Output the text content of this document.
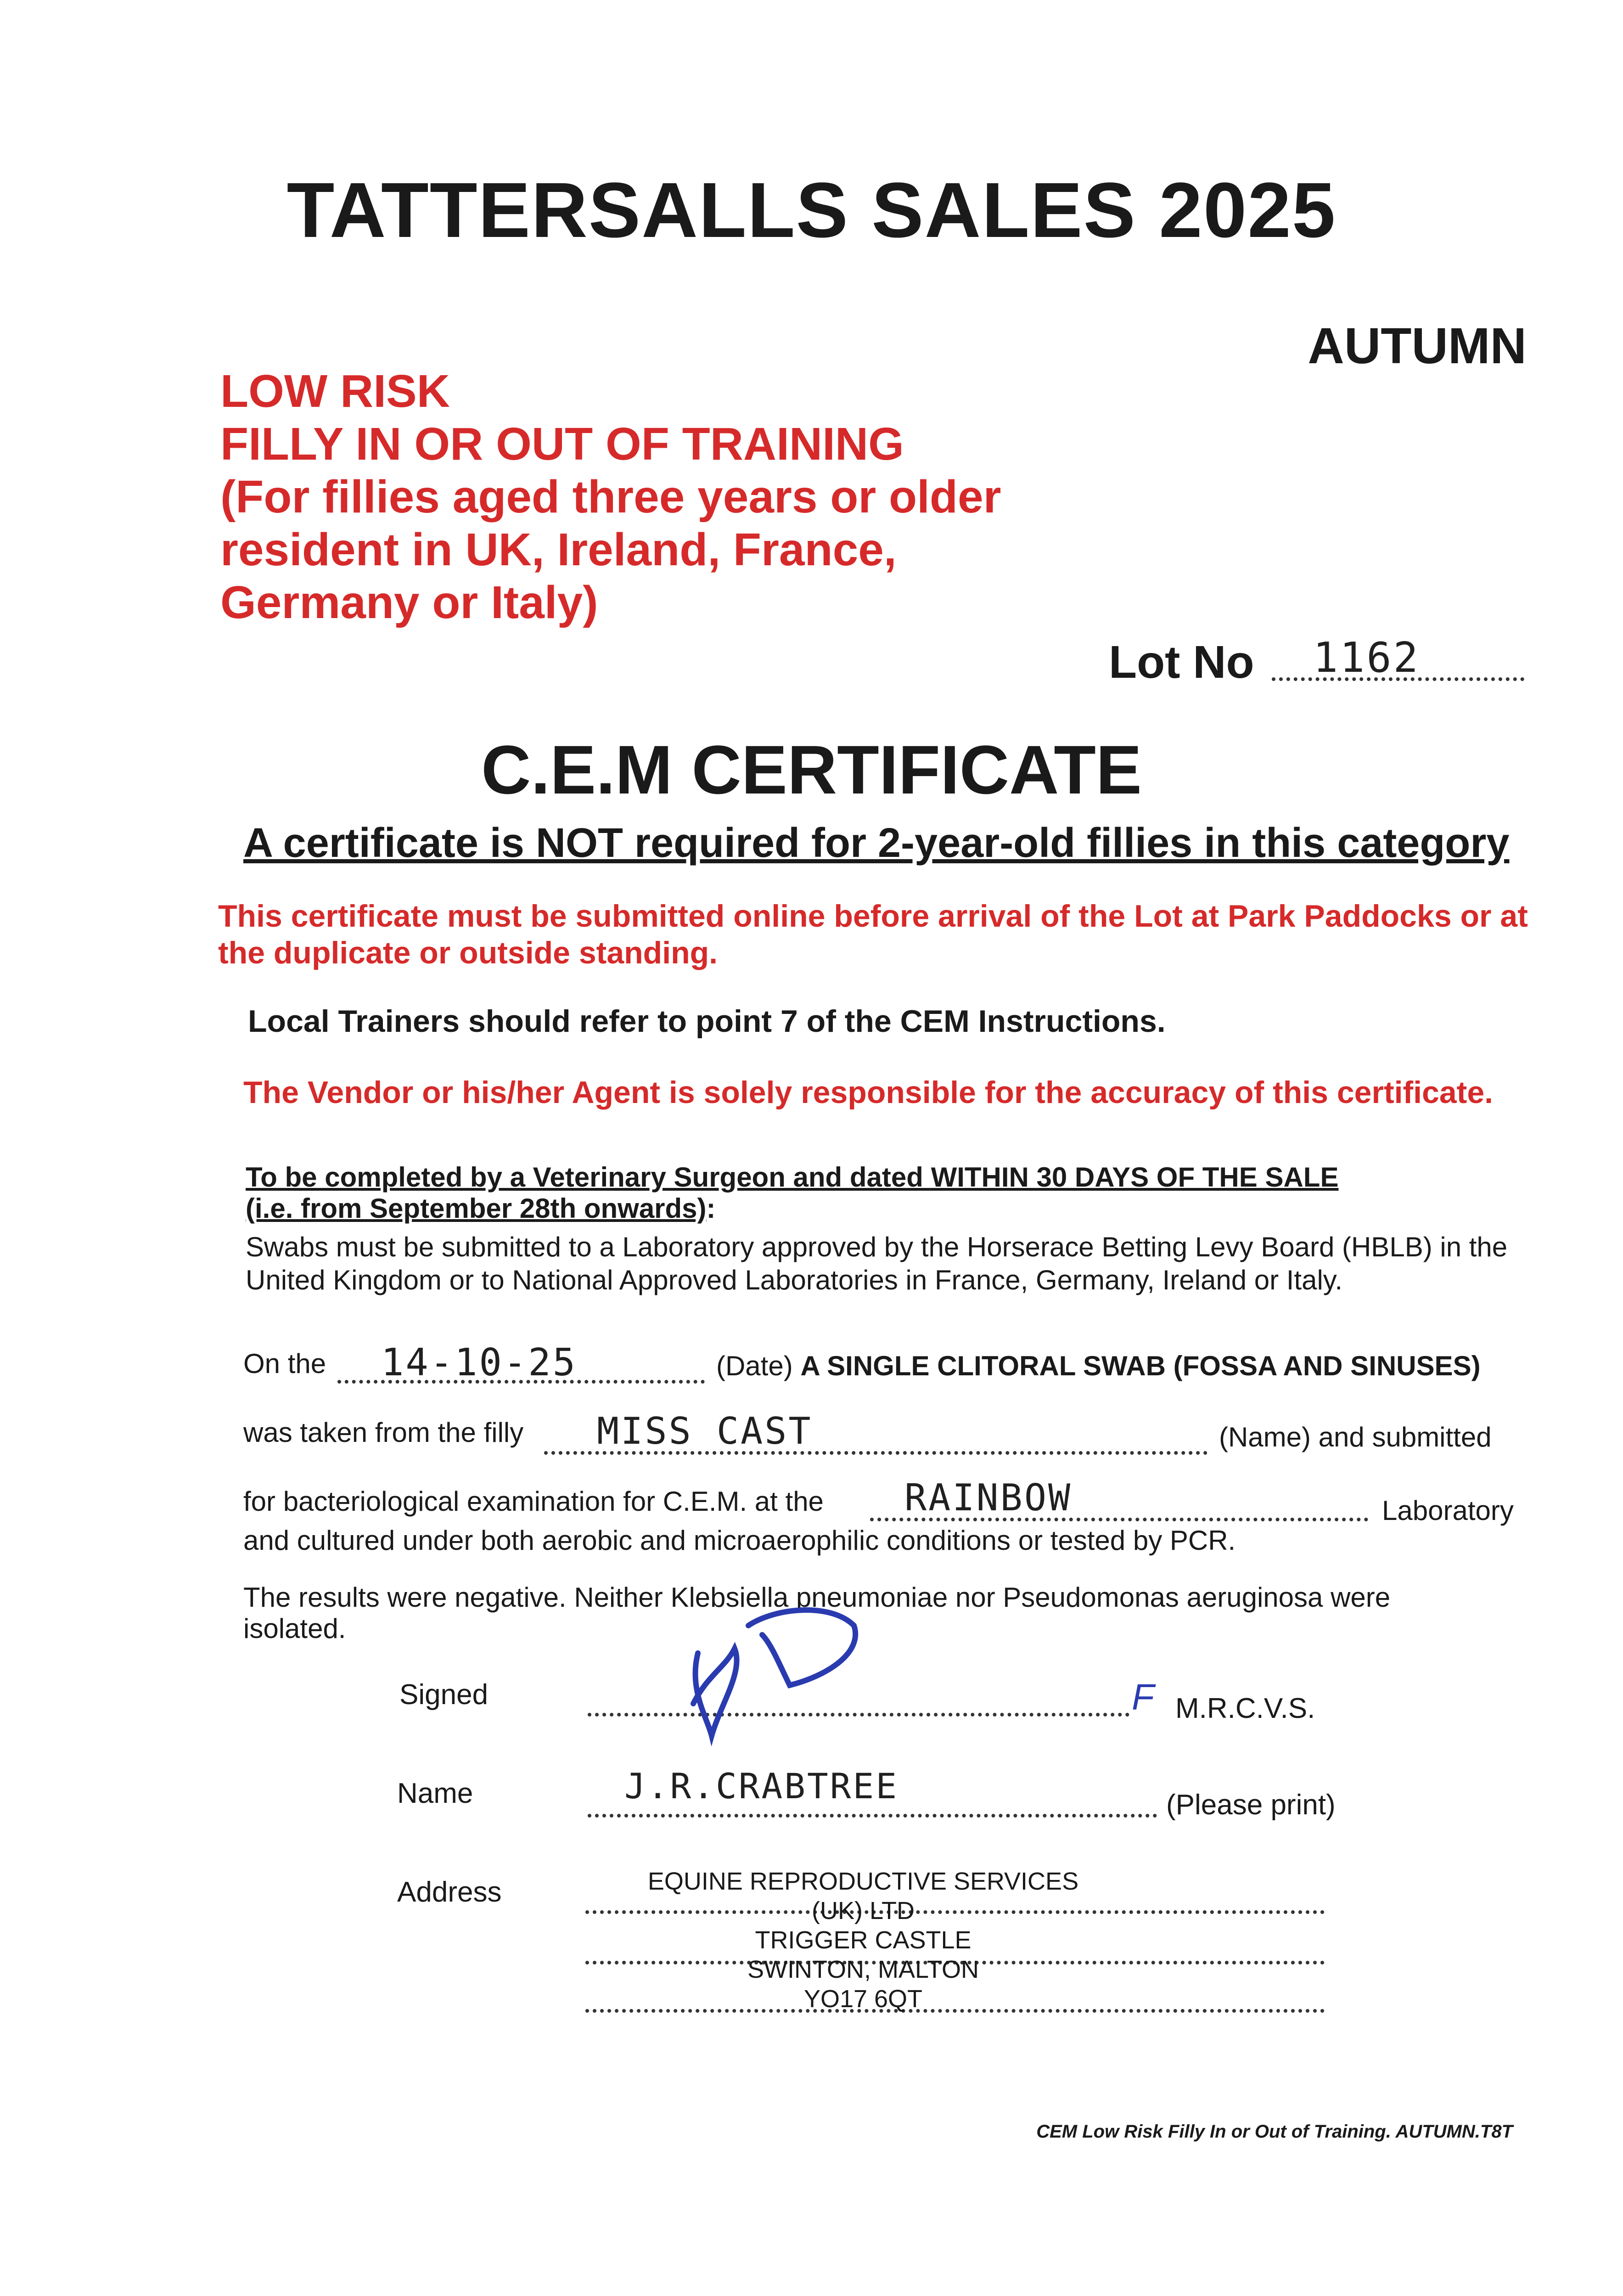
TATTERSALLS SALES 2025
AUTUMN
LOW RISK
FILLY IN OR OUT OF TRAINING
(For fillies aged three years or older
resident in UK, Ireland, France,
Germany or Italy)
Lot No 1162
C.E.M CERTIFICATE
A certificate is NOT required for 2-year-old fillies in this category
This certificate must be submitted online before arrival of the Lot at Park Paddocks or at the duplicate or outside standing.
Local Trainers should refer to point 7 of the CEM Instructions.
The Vendor or his/her Agent is solely responsible for the accuracy of this certificate.
To be completed by a Veterinary Surgeon and dated WITHIN 30 DAYS OF THE SALE
(i.e. from September 28th onwards):
Swabs must be submitted to a Laboratory approved by the Horserace Betting Levy Board (HBLB) in the United Kingdom or to National Approved Laboratories in France, Germany, Ireland or Italy.
On the 14-10-25	(Date) A SINGLE CLITORAL SWAB (FOSSA AND SINUSES)
was taken from the filly MISS CAST	(Name) and submitted
for bacteriological examination for C.E.M. at the RAINBOW	Laboratory
and cultured under both aerobic and microaerophilic conditions or tested by PCR.
The results were negative. Neither Klebsiella pneumoniae nor Pseudomonas aeruginosa were isolated.
Signed	F M.R.C.V.S.
Name	J.R.CRABTREE	(Please print)
Address	EQUINE REPRODUCTIVE SERVICES (UK) LTD
TRIGGER CASTLE
SWINTON, MALTON
YO17 6QT
CEM Low Risk Filly In or Out of Training. AUTUMN.T8T
